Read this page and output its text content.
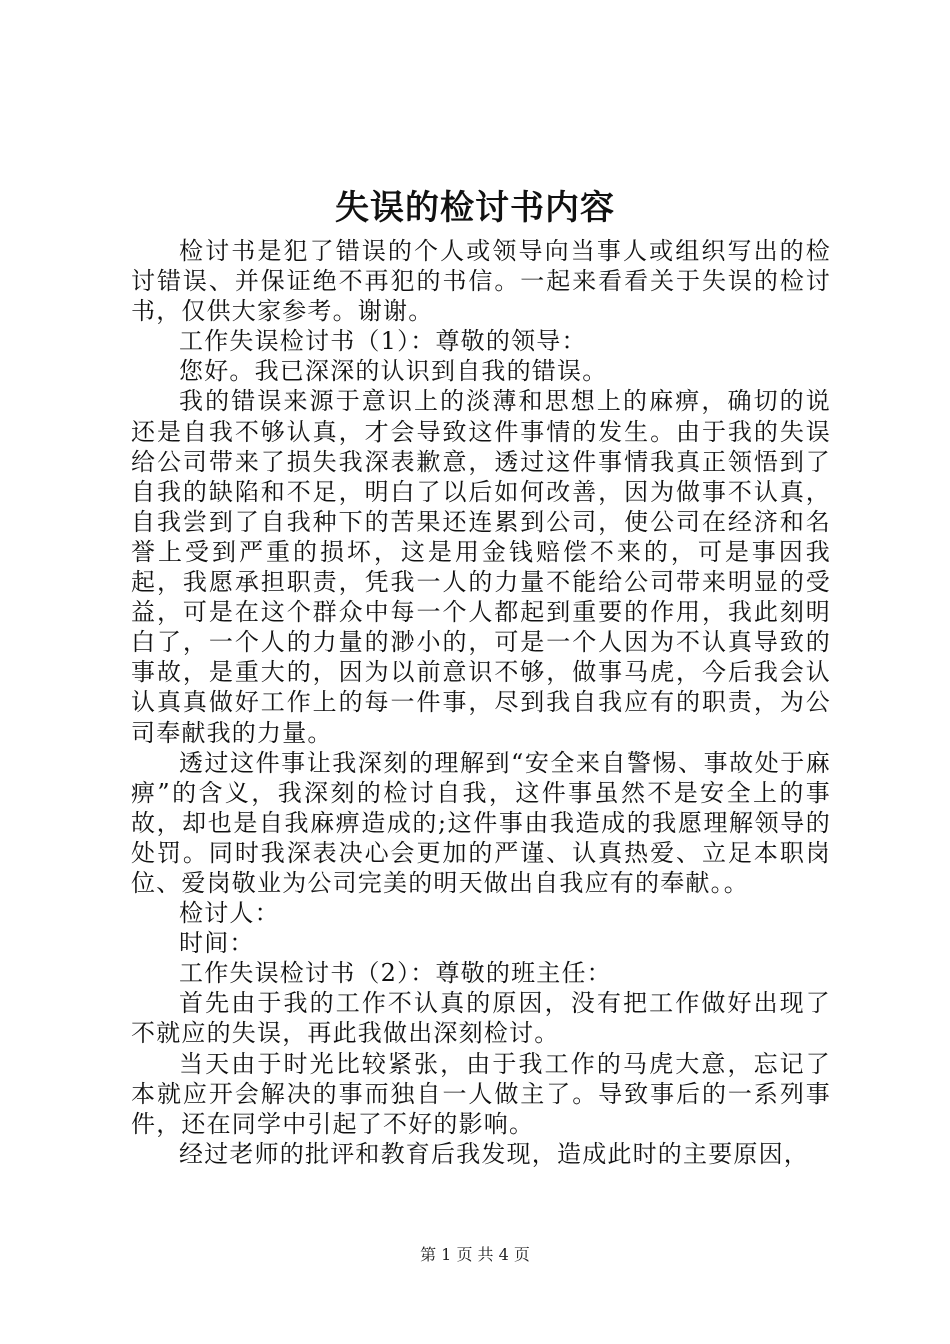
失误的检讨书内容

检讨书是犯了错误的个人或领导向当事人或组织写出的检讨错误、并保证绝不再犯的书信。一起来看看关于失误的检讨书，仅供大家参考。谢谢。

工作失误检讨书（1）：尊敬的领导：

您好。我已深深的认识到自我的错误。

我的错误来源于意识上的淡薄和思想上的麻痹，确切的说还是自我不够认真，才会导致这件事情的发生。由于我的失误给公司带来了损失我深表歉意，透过这件事情我真正领悟到了自我的缺陷和不足，明白了以后如何改善，因为做事不认真，自我尝到了自我种下的苦果还连累到公司，使公司在经济和名誉上受到严重的损坏，这是用金钱赔偿不来的，可是事因我起，我愿承担职责，凭我一人的力量不能给公司带来明显的受益，可是在这个群众中每一个人都起到重要的作用，我此刻明白了，一个人的力量的渺小的，可是一个人因为不认真导致的事故，是重大的，因为以前意识不够，做事马虎，今后我会认认真真做好工作上的每一件事，尽到我自我应有的职责，为公司奉献我的力量。

透过这件事让我深刻的理解到“安全来自警惕、事故处于麻痹”的含义，我深刻的检讨自我，这件事虽然不是安全上的事故，却也是自我麻痹造成的;这件事由我造成的我愿理解领导的处罚。同时我深表决心会更加的严谨、认真热爱、立足本职岗位、爱岗敬业为公司完美的明天做出自我应有的奉献。。

检讨人：

时间：

工作失误检讨书（2）：尊敬的班主任：

首先由于我的工作不认真的原因，没有把工作做好出现了不就应的失误，再此我做出深刻检讨。

当天由于时光比较紧张，由于我工作的马虎大意，忘记了本就应开会解决的事而独自一人做主了。导致事后的一系列事件，还在同学中引起了不好的影响。

经过老师的批评和教育后我发现，造成此时的主要原因，

第 1 页 共 4 页
